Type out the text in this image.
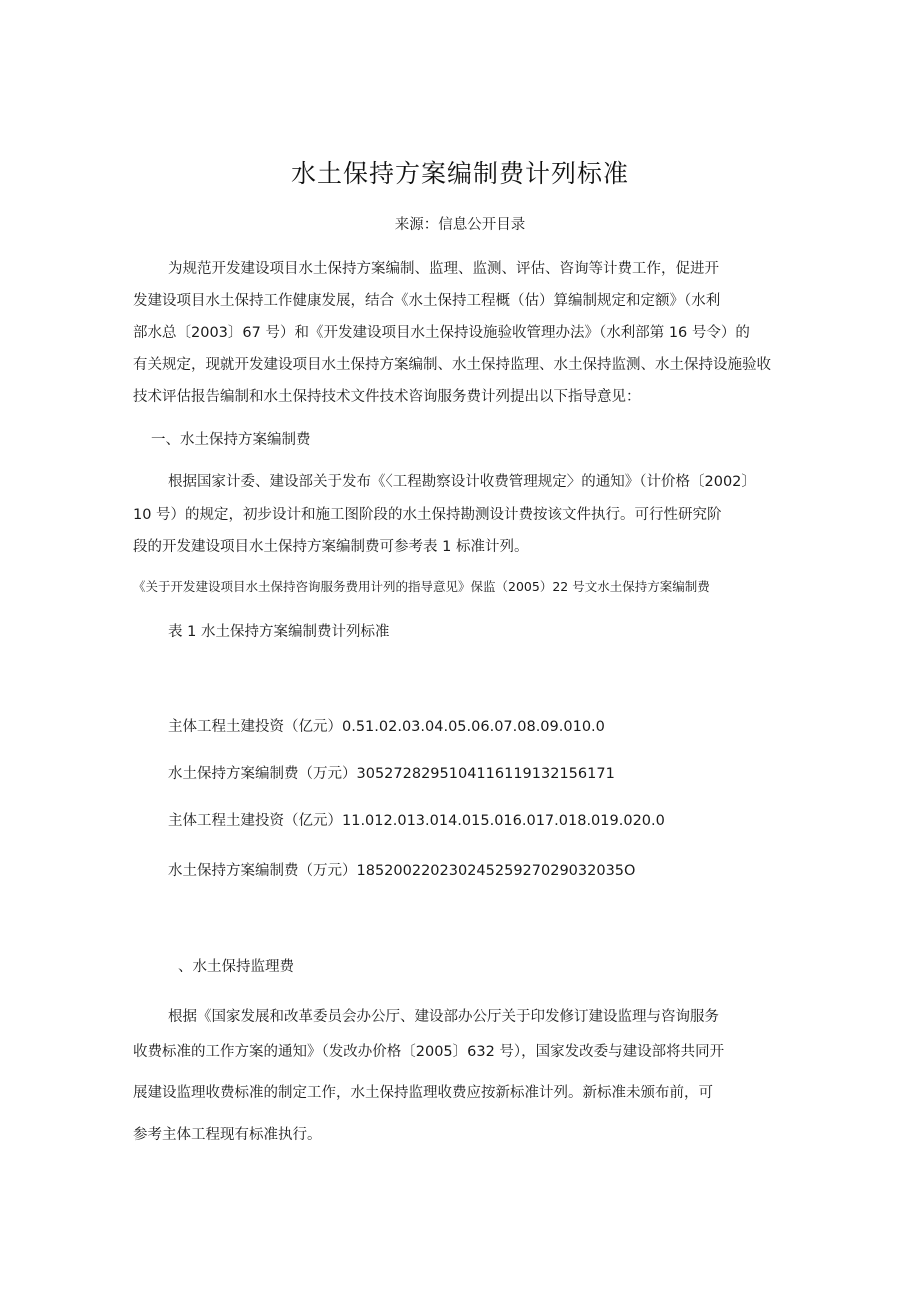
水土保持方案编制费计列标准
来源：信息公开目录
为规范开发建设项目水土保持方案编制、监理、监测、评估、咨询等计费工作，促进开
发建设项目水土保持工作健康发展，结合《水土保持工程概（估）算编制规定和定额》（水利
部水总〔2003〕67 号）和《开发建设项目水土保持设施验收管理办法》（水利部第 16 号令）的
有关规定，现就开发建设项目水土保持方案编制、水土保持监理、水土保持监测、水土保持设施验收
技术评估报告编制和水土保持技术文件技术咨询服务费计列提出以下指导意见：
一、水土保持方案编制费
根据国家计委、建设部关于发布《〈工程勘察设计收费管理规定〉的通知》（计价格〔2002〕
10 号）的规定，初步设计和施工图阶段的水土保持勘测设计费按该文件执行。可行性研究阶
段的开发建设项目水土保持方案编制费可参考表 1 标准计列。
《关于开发建设项目水土保持咨询服务费用计列的指导意见》保监（2005）22 号文水土保持方案编制费
表 1 水土保持方案编制费计列标准
主体工程土建投资（亿元）0.51.02.03.04.05.06.07.08.09.010.0
水土保持方案编制费（万元）3052728295104116119132156171
主体工程土建投资（亿元）11.012.013.014.015.016.017.018.019.020.0
水土保持方案编制费（万元）18520022023024525927029032035O
、水土保持监理费
根据《国家发展和改革委员会办公厅、建设部办公厅关于印发修订建设监理与咨询服务
收费标准的工作方案的通知》（发改办价格〔2005〕632 号），国家发改委与建设部将共同开
展建设监理收费标准的制定工作，水土保持监理收费应按新标准计列。新标准未颁布前，可
参考主体工程现有标准执行。
